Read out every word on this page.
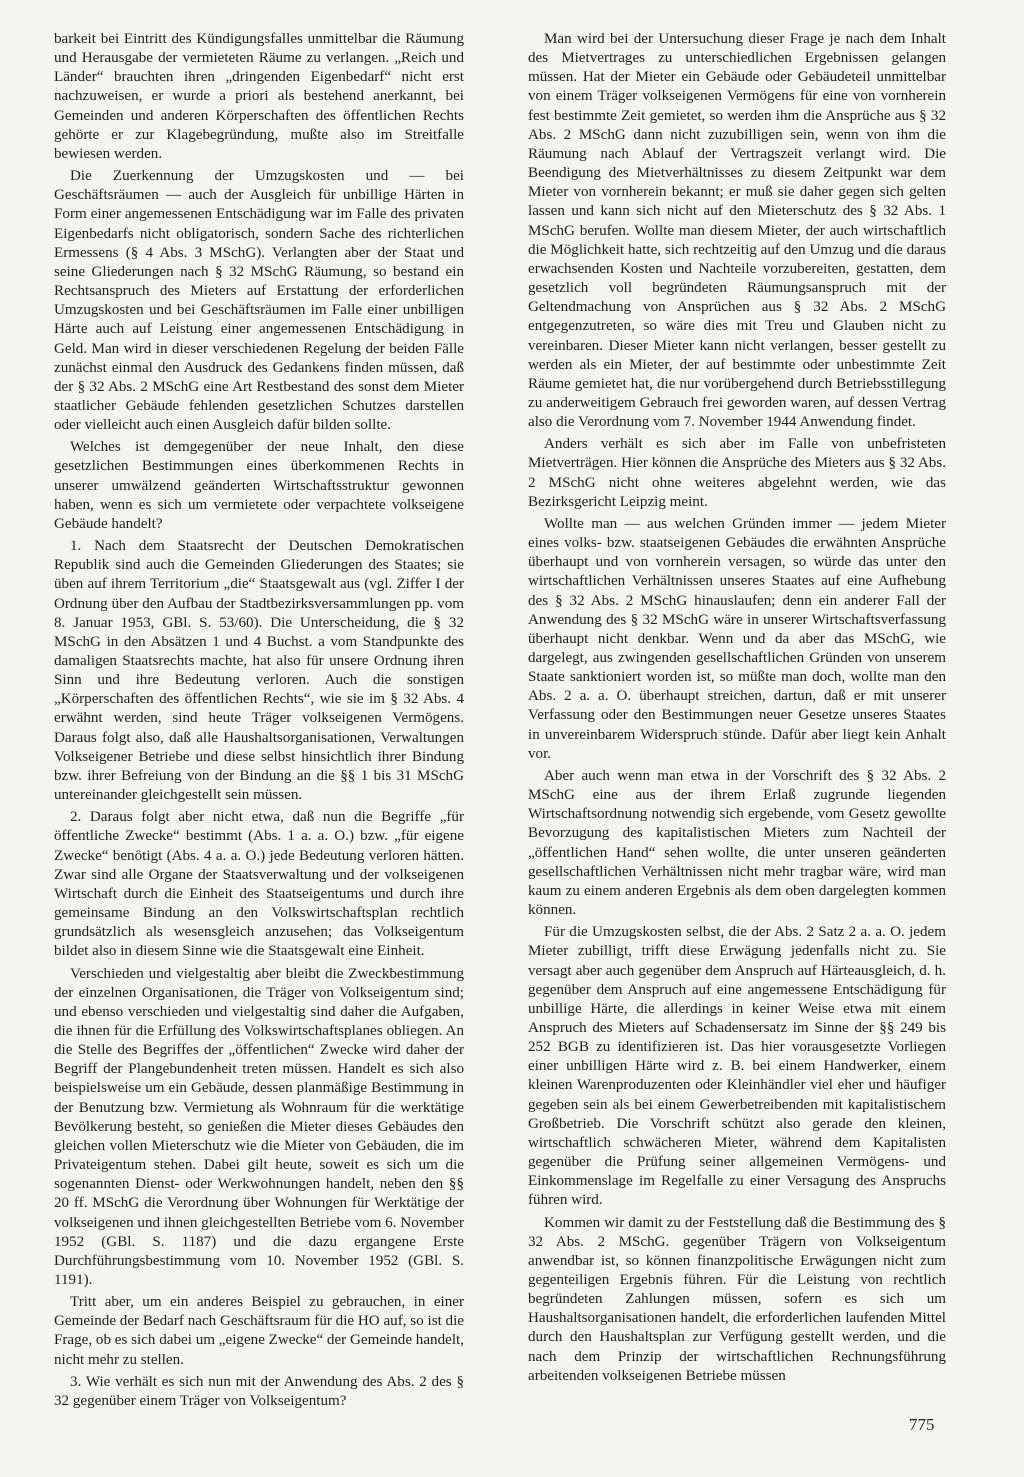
barkeit bei Eintritt des Kündigungsfalles unmittelbar die Räumung und Herausgabe der vermieteten Räume zu verlangen. „Reich und Länder“ brauchten ihren „dringenden Eigenbedarf“ nicht erst nachzuweisen, er wurde a priori als bestehend anerkannt, bei Gemeinden und anderen Körperschaften des öffentlichen Rechts gehörte er zur Klagebegründung, mußte also im Streitfalle bewiesen werden.

Die Zuerkennung der Umzugskosten und — bei Geschäftsräumen — auch der Ausgleich für unbillige Härten in Form einer angemessenen Entschädigung war im Falle des privaten Eigenbedarfs nicht obligatorisch, sondern Sache des richterlichen Ermessens (§ 4 Abs. 3 MSchG). Verlangten aber der Staat und seine Gliederungen nach § 32 MSchG Räumung, so bestand ein Rechtsanspruch des Mieters auf Erstattung der erforderlichen Umzugskosten und bei Geschäftsräumen im Falle einer unbilligen Härte auch auf Leistung einer angemessenen Entschädigung in Geld. Man wird in dieser verschiedenen Regelung der beiden Fälle zunächst einmal den Ausdruck des Gedankens finden müssen, daß der § 32 Abs. 2 MSchG eine Art Restbestand des sonst dem Mieter staatlicher Gebäude fehlenden gesetzlichen Schutzes darstellen oder vielleicht auch einen Ausgleich dafür bilden sollte.

Welches ist demgegenüber der neue Inhalt, den diese gesetzlichen Bestimmungen eines überkommenen Rechts in unserer umwälzend geänderten Wirtschaftsstruktur gewonnen haben, wenn es sich um vermietete oder verpachtete volkseigene Gebäude handelt?

1. Nach dem Staatsrecht der Deutschen Demokratischen Republik sind auch die Gemeinden Gliederungen des Staates; sie üben auf ihrem Territorium „die“ Staatsgewalt aus (vgl. Ziffer I der Ordnung über den Aufbau der Stadtbezirksversammlungen pp. vom 8. Januar 1953, GBl. S. 53/60). Die Unterscheidung, die § 32 MSchG in den Absätzen 1 und 4 Buchst. a vom Standpunkte des damaligen Staatsrechts machte, hat also für unsere Ordnung ihren Sinn und ihre Bedeutung verloren. Auch die sonstigen „Körperschaften des öffentlichen Rechts“, wie sie im § 32 Abs. 4 erwähnt werden, sind heute Träger volkseigenen Vermögens. Daraus folgt also, daß alle Haushaltsorganisationen, Verwaltungen Volkseigener Betriebe und diese selbst hinsichtlich ihrer Bindung bzw. ihrer Befreiung von der Bindung an die §§ 1 bis 31 MSchG untereinander gleichgestellt sein müssen.

2. Daraus folgt aber nicht etwa, daß nun die Begriffe „für öffentliche Zwecke“ bestimmt (Abs. 1 a. a. O.) bzw. „für eigene Zwecke“ benötigt (Abs. 4 a. a. O.) jede Bedeutung verloren hätten. Zwar sind alle Organe der Staatsverwaltung und der volkseigenen Wirtschaft durch die Einheit des Staatseigentums und durch ihre gemeinsame Bindung an den Volkswirtschaftsplan rechtlich grundsätzlich als wesensgleich anzusehen; das Volkseigentum bildet also in diesem Sinne wie die Staatsgewalt eine Einheit.

Verschieden und vielgestaltig aber bleibt die Zweckbestimmung der einzelnen Organisationen, die Träger von Volkseigentum sind; und ebenso verschieden und vielgestaltig sind daher die Aufgaben, die ihnen für die Erfüllung des Volkswirtschaftsplanes obliegen. An die Stelle des Begriffes der „öffentlichen“ Zwecke wird daher der Begriff der Plangebundenheit treten müssen. Handelt es sich also beispielsweise um ein Gebäude, dessen planmäßige Bestimmung in der Benutzung bzw. Vermietung als Wohnraum für die werktätige Bevölkerung besteht, so genießen die Mieter dieses Gebäudes den gleichen vollen Mieterschutz wie die Mieter von Gebäuden, die im Privateigentum stehen. Dabei gilt heute, soweit es sich um die sogenannten Dienst- oder Werkwohnungen handelt, neben den §§ 20 ff. MSchG die Verordnung über Wohnungen für Werktätige der volkseigenen und ihnen gleichgestellten Betriebe vom 6. November 1952 (GBl. S. 1187) und die dazu ergangene Erste Durchführungsbestimmung vom 10. November 1952 (GBl. S. 1191).

Tritt aber, um ein anderes Beispiel zu gebrauchen, in einer Gemeinde der Bedarf nach Geschäftsraum für die HO auf, so ist die Frage, ob es sich dabei um „eigene Zwecke“ der Gemeinde handelt, nicht mehr zu stellen.

3. Wie verhält es sich nun mit der Anwendung des Abs. 2 des § 32 gegenüber einem Träger von Volkseigentum?

Man wird bei der Untersuchung dieser Frage je nach dem Inhalt des Mietvertrages zu unterschiedlichen Ergebnissen gelangen müssen. Hat der Mieter ein Gebäude oder Gebäudeteil unmittelbar von einem Träger volkseigenen Vermögens für eine von vornherein fest bestimmte Zeit gemietet, so werden ihm die Ansprüche aus § 32 Abs. 2 MSchG dann nicht zuzubilligen sein, wenn von ihm die Räumung nach Ablauf der Vertragszeit verlangt wird. Die Beendigung des Mietverhältnisses zu diesem Zeitpunkt war dem Mieter von vornherein bekannt; er muß sie daher gegen sich gelten lassen und kann sich nicht auf den Mieterschutz des § 32 Abs. 1 MSchG berufen. Wollte man diesem Mieter, der auch wirtschaftlich die Möglichkeit hatte, sich rechtzeitig auf den Umzug und die daraus erwachsenden Kosten und Nachteile vorzubereiten, gestatten, dem gesetzlich voll begründeten Räumungsanspruch mit der Geltendmachung von Ansprüchen aus § 32 Abs. 2 MSchG entgegenzutreten, so wäre dies mit Treu und Glauben nicht zu vereinbaren. Dieser Mieter kann nicht verlangen, besser gestellt zu werden als ein Mieter, der auf bestimmte oder unbestimmte Zeit Räume gemietet hat, die nur vorübergehend durch Betriebsstillegung zu anderweitigem Gebrauch frei geworden waren, auf dessen Vertrag also die Verordnung vom 7. November 1944 Anwendung findet.

Anders verhält es sich aber im Falle von unbefristeten Mietverträgen. Hier können die Ansprüche des Mieters aus § 32 Abs. 2 MSchG nicht ohne weiteres abgelehnt werden, wie das Bezirksgericht Leipzig meint.

Wollte man — aus welchen Gründen immer — jedem Mieter eines volks- bzw. staatseigenen Gebäudes die erwähnten Ansprüche überhaupt und von vornherein versagen, so würde das unter den wirtschaftlichen Verhältnissen unseres Staates auf eine Aufhebung des § 32 Abs. 2 MSchG hinauslaufen; denn ein anderer Fall der Anwendung des § 32 MSchG wäre in unserer Wirtschaftsverfassung überhaupt nicht denkbar. Wenn und da aber das MSchG, wie dargelegt, aus zwingenden gesellschaftlichen Gründen von unserem Staate sanktioniert worden ist, so müßte man doch, wollte man den Abs. 2 a. a. O. überhaupt streichen, dartun, daß er mit unserer Verfassung oder den Bestimmungen neuer Gesetze unseres Staates in unvereinbarem Widerspruch stünde. Dafür aber liegt kein Anhalt vor.

Aber auch wenn man etwa in der Vorschrift des § 32 Abs. 2 MSchG eine aus der ihrem Erlaß zugrunde liegenden Wirtschaftsordnung notwendig sich ergebende, vom Gesetz gewollte Bevorzugung des kapitalistischen Mieters zum Nachteil der „öffentlichen Hand“ sehen wollte, die unter unseren geänderten gesellschaftlichen Verhältnissen nicht mehr tragbar wäre, wird man kaum zu einem anderen Ergebnis als dem oben dargelegten kommen können.

Für die Umzugskosten selbst, die der Abs. 2 Satz 2 a. a. O. jedem Mieter zubilligt, trifft diese Erwägung jedenfalls nicht zu. Sie versagt aber auch gegenüber dem Anspruch auf Härteausgleich, d. h. gegenüber dem Anspruch auf eine angemessene Entschädigung für unbillige Härte, die allerdings in keiner Weise etwa mit einem Anspruch des Mieters auf Schadensersatz im Sinne der §§ 249 bis 252 BGB zu identifizieren ist. Das hier vorausgesetzte Vorliegen einer unbilligen Härte wird z. B. bei einem Handwerker, einem kleinen Warenproduzenten oder Kleinhändler viel eher und häufiger gegeben sein als bei einem Gewerbetreibenden mit kapitalistischem Großbetrieb. Die Vorschrift schützt also gerade den kleinen, wirtschaftlich schwächeren Mieter, während dem Kapitalisten gegenüber die Prüfung seiner allgemeinen Vermögens- und Einkommenslage im Regelfalle zu einer Versagung des Anspruchs führen wird.

Kommen wir damit zu der Feststellung daß die Bestimmung des § 32 Abs. 2 MSchG. gegenüber Trägern von Volkseigentum anwendbar ist, so können finanzpolitische Erwägungen nicht zum gegenteiligen Ergebnis führen. Für die Leistung von rechtlich begründeten Zahlungen müssen, sofern es sich um Haushaltsorganisationen handelt, die erforderlichen laufenden Mittel durch den Haushaltsplan zur Verfügung gestellt werden, und die nach dem Prinzip der wirtschaftlichen Rechnungsführung arbeitenden volkseigenen Betriebe müssen

775
